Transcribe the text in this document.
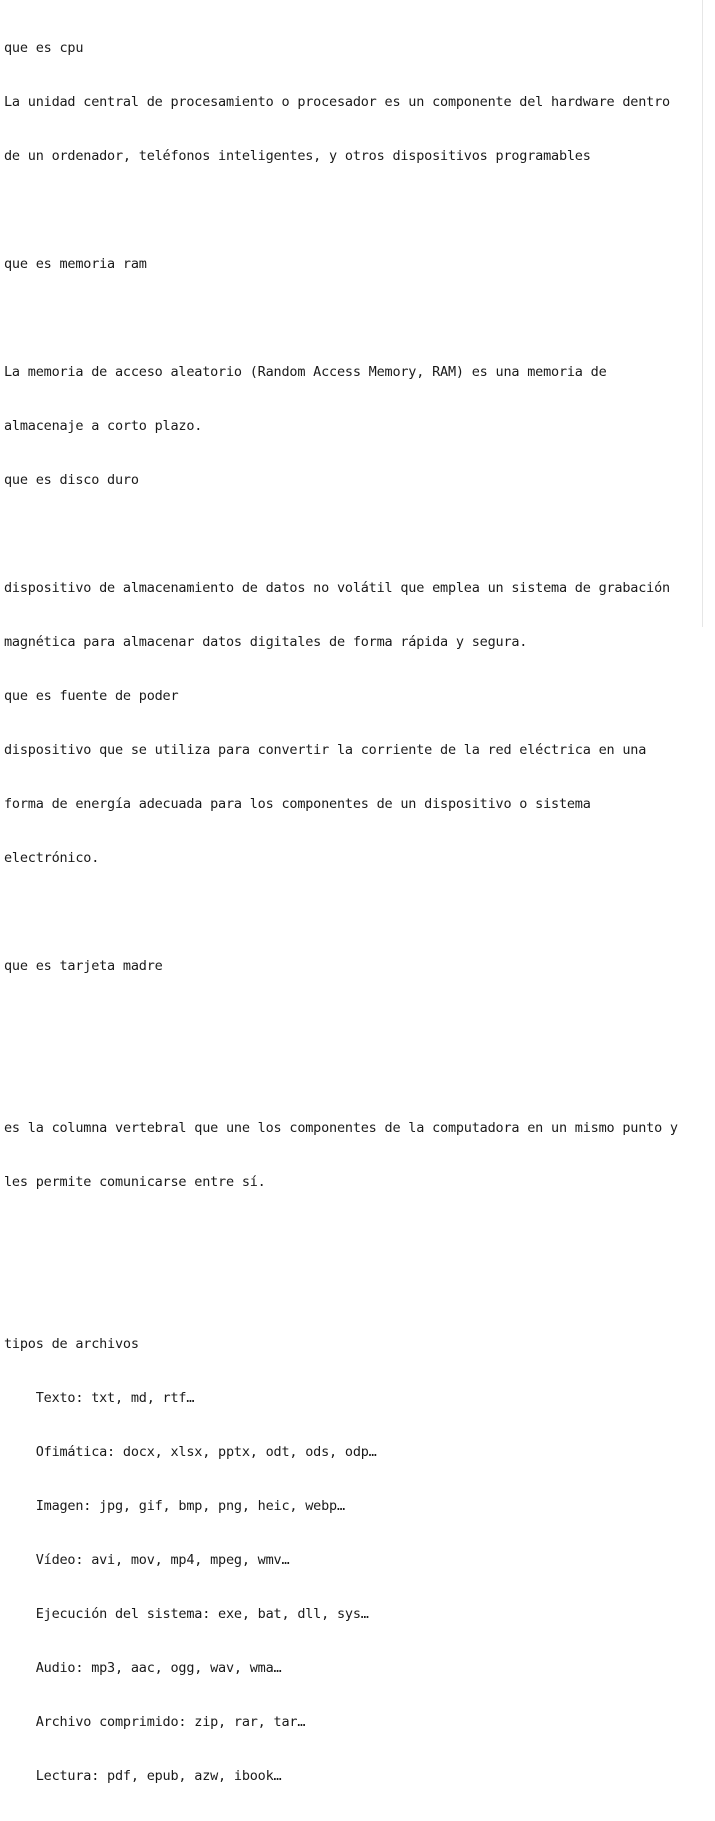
que es cpu

La unidad central de procesamiento o procesador es un componente del hardware dentro

de un ordenador, teléfonos inteligentes, y otros dispositivos programables

que es memoria ram

La memoria de acceso aleatorio (Random Access Memory, RAM) es una memoria de

almacenaje a corto plazo.

que es disco duro

dispositivo de almacenamiento de datos no volátil que emplea un sistema de grabación

magnética para almacenar datos digitales de forma rápida y segura.

que es fuente de poder

dispositivo que se utiliza para convertir la corriente de la red eléctrica en una

forma de energía adecuada para los componentes de un dispositivo o sistema

electrónico.

que es tarjeta madre

es la columna vertebral que une los componentes de la computadora en un mismo punto y

les permite comunicarse entre sí.

tipos de archivos

Texto: txt, md, rtf…

Ofimática: docx, xlsx, pptx, odt, ods, odp…

Imagen: jpg, gif, bmp, png, heic, webp…

Vídeo: avi, mov, mp4, mpeg, wmv…

Ejecución del sistema: exe, bat, dll, sys…

Audio: mp3, aac, ogg, wav, wma…

Archivo comprimido: zip, rar, tar…

Lectura: pdf, epub, azw, ibook…
